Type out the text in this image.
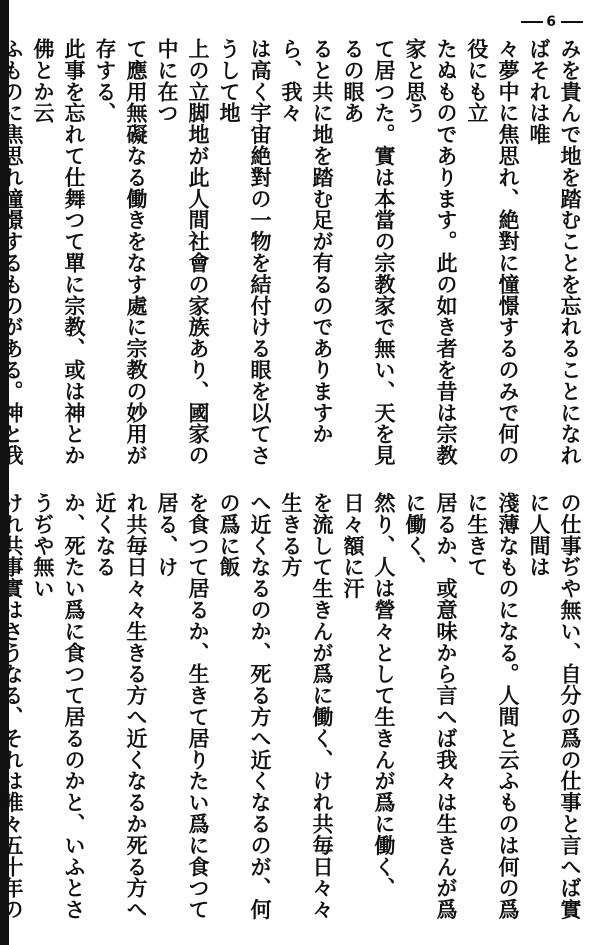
6

みを貴んで地を踏むことを忘れることになればそれは唯
々夢中に焦思れ、絶對に憧憬するのみで何の役にも立
たぬものであります。此の如き者を昔は宗教家と思う
て居つた。實は本當の宗教家で無い、天を見るの眼あ
ると共に地を踏む足が有るのでありますから、我々
は高く宇宙絶對の一物を結付ける眼を以てさうして地
上の立脚地が此人間社會の家族あり、國家の中に在つ
て應用無礙なる働きをなす處に宗教の妙用が存する、
此事を忘れて仕舞つて單に宗教、或は神とか佛とか云
ふものに焦思れ憧憬するものがある。神と我

の仕事ぢや無い、自分の爲の仕事と言へば實に人間は
淺薄なものになる。人間と云ふものは何の爲に生きて
居るか、或意味から言へば我々は生きんが爲に働く、
然り、人は營々として生きんが爲に働く、日々額に汗
を流して生きんが爲に働く、けれ共毎日々々生きる方
へ近くなるのか、死る方へ近くなるのが、何の爲に飯
を食つて居るか、生きて居りたい爲に食つて居る、け
れ共毎日々々生きる方へ近くなるか死る方へ近くなる
か、死たい爲に食つて居るのかと、いふとさうぢや無い
けれ共事實はさうなる、それは唯々五十年の
